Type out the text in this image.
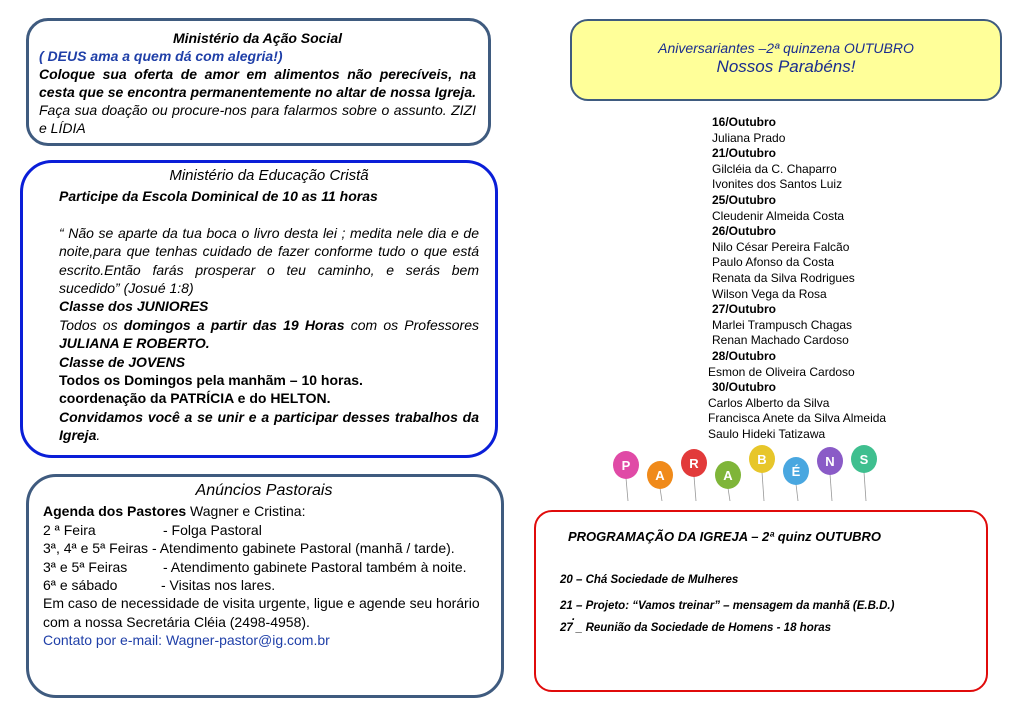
Ministério da Ação Social

( DEUS ama a quem dá com alegria!)

Coloque sua oferta de amor em alimentos não perecíveis, na cesta que se encontra permanentemente no altar de nossa Igreja. Faça sua doação ou procure-nos para falarmos sobre o assunto. ZIZI e LÍDIA

Ministério da Educação Cristã

Participe da Escola Dominical de 10 as 11 horas

“ Não se aparte da tua boca o livro desta lei ; medita nele dia e de noite,para que tenhas cuidado de fazer conforme tudo o que está escrito.Então farás prosperar o teu caminho, e serás bem sucedido” (Josué 1:8)

Classe dos JUNIORES

Todos os domingos a partir das 19 Horas com os Professores JULIANA E ROBERTO.

Classe de JOVENS

Todos os Domingos pela manhãm – 10 horas.

coordenação da PATRÍCIA e do HELTON.

Convidamos você a se unir e a participar desses trabalhos da Igreja.

Anúncios Pastorais

Agenda dos Pastores Wagner e Cristina:

2 ª Feira	- Folga Pastoral

3ª, 4ª e 5ª Feiras - Atendimento gabinete Pastoral (manhã / tarde).

3ª e 5ª Feiras	- Atendimento gabinete Pastoral também à noite.

6ª e sábado	- Visitas nos lares.

Em caso de necessidade de visita urgente, ligue e agende seu horário com a nossa Secretária Cléia (2498-4958).

Contato por e-mail: Wagner-pastor@ig.com.br

Aniversariantes –2ª quinzena OUTUBRO

Nossos Parabéns!

16/Outubro

Juliana Prado

21/Outubro

Gilcléia da C. Chaparro

Ivonites dos Santos Luiz

25/Outubro

Cleudenir Almeida Costa

26/Outubro

Nilo César Pereira Falcão

Paulo Afonso da Costa

Renata da Silva Rodrigues

Wilson Vega da Rosa

27/Outubro

Marlei Trampusch Chagas

Renan Machado Cardoso

28/Outubro

Esmon de Oliveira Cardoso

30/Outubro

Carlos Alberto da Silva

Francisca Anete da Silva Almeida

Saulo Hideki Tatizawa

P
A
R
A
B
É
N S

PROGRAMAÇÃO DA IGREJA – 2ª quinz OUTUBRO

20 – Chá Sociedade de Mulheres

21 – Projeto: “Vamos treinar” – mensagem da manhã (E.B.D.)

.

27 _ Reunião da Sociedade de Homens - 18 horas
